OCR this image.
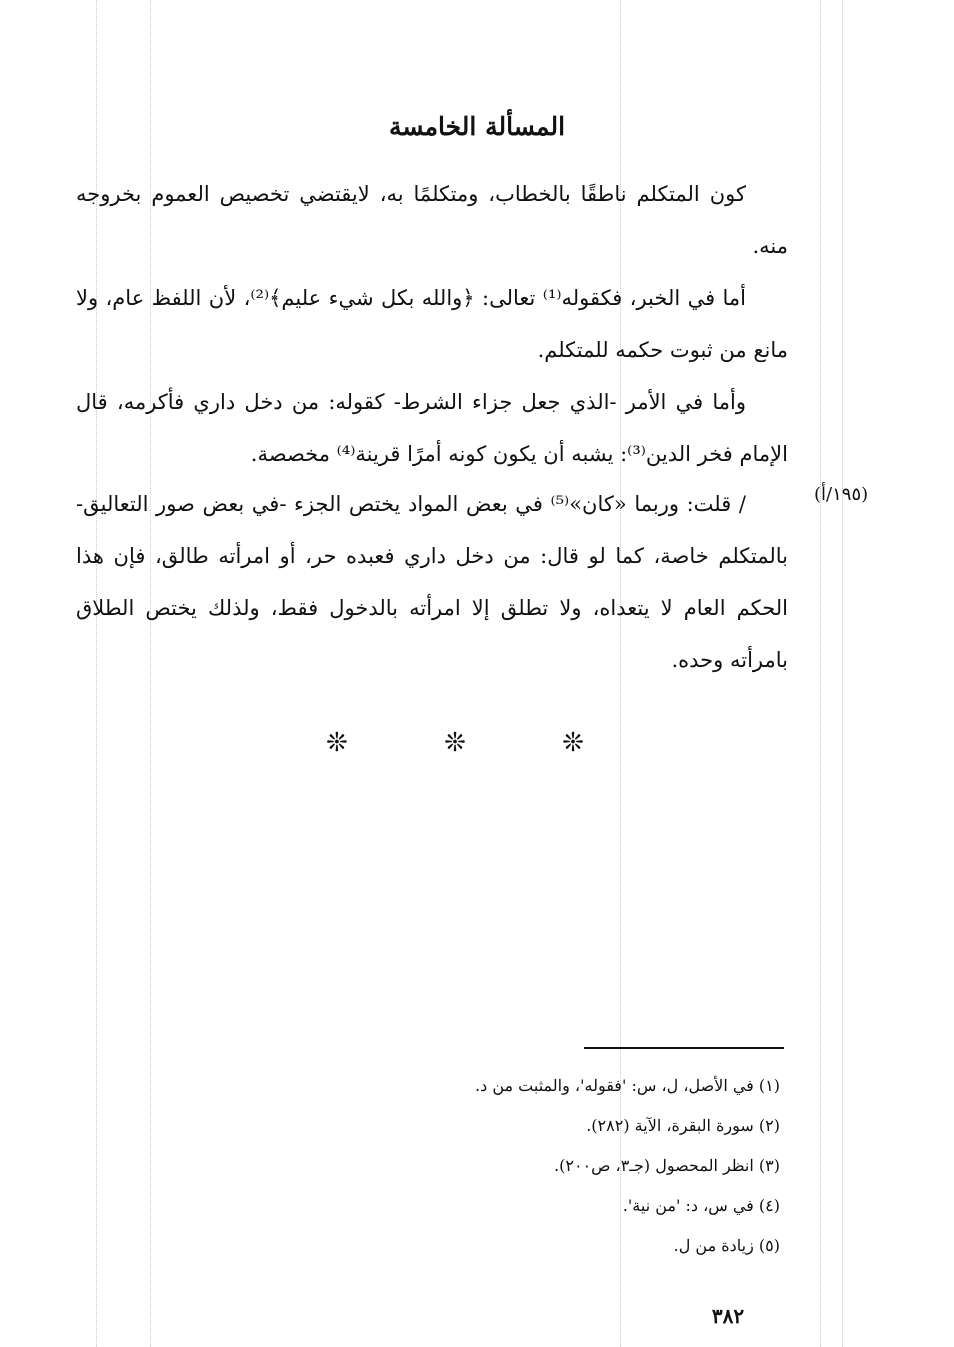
المسألة الخامسة

كون المتكلم ناطقًا بالخطاب، ومتكلمًا به، لايقتضي تخصيص العموم بخروجه منه.

أما في الخبر، فكقوله⁽¹⁾ تعالى: ﴿والله بكل شيء عليم﴾⁽²⁾، لأن اللفظ عام، ولا مانع من ثبوت حكمه للمتكلم.

وأما في الأمر -الذي جعل جزاء الشرط- كقوله: من دخل داري فأكرمه، قال الإمام فخر الدين⁽³⁾: يشبه أن يكون كونه أمرًا قرينة⁽⁴⁾ مخصصة.

/ قلت: وربما «كان»⁽⁵⁾ في بعض المواد يختص الجزء -في بعض صور التعاليق- بالمتكلم خاصة، كما لو قال: من دخل داري فعبده حر، أو امرأته طالق، فإن هذا الحكم العام لا يتعداه، ولا تطلق إلا امرأته بالدخول فقط، ولذلك يختص الطلاق بامرأته وحده.

(١٩٥/أ)
❊ ❊ ❊
(١) في الأصل، ل، س: 'فقوله'، والمثبت من د.
(٢) سورة البقرة، الآية (٢٨٢).
(٣) انظر المحصول (جـ٣، ص٢٠٠).
(٤) في س، د: 'من نية'.
(٥) زيادة من ل.
٣٨٢
